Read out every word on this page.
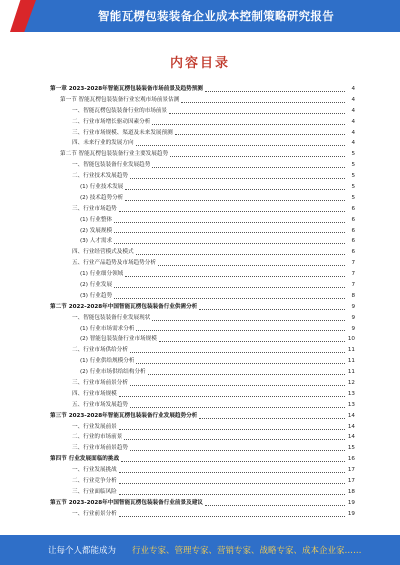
智能瓦楞包装装备企业成本控制策略研究报告
内容目录
第一章 2023-2028年智能瓦楞包装装备市场前景及趋势预测	4
第一节 智能瓦楞包装装备行业宏观市场前景估测	4
一、智能瓦楞包装装备行业的市场前景	4
二、行业市场增长驱动因素分析	4
三、行业市场规模、渠道及未来发展预测	4
四、未来行业的发展方向	4
第二节 智能瓦楞包装装备行业主要发展趋势	5
一、智能包装装备行业发展趋势	5
二、行业技术发展趋势	5
(1) 行业技术发展	5
(2) 技术趋势分析	5
三、行业市场趋势	6
(1) 行业整体	6
(2) 发展规模	6
(3) 人才需求	6
四、行业经营模式及模式	6
五、行业产品趋势及市场趋势分析	7
(1) 行业细分领域	7
(2) 行业发展	7
(3) 行业趋势	8
第二节 2022-2028年中国智能瓦楞包装装备行业供需分析	9
一、智能包装装备行业发展现状	9
(1) 行业市场需求分析	9
(2) 智能包装装备行业市场规模	10
二、行业市场供给分析	11
(1) 行业供给规模分析	11
(2) 行业市场供给结构分析	11
三、行业市场前景分析	12
四、行业市场规模	13
五、行业市场发展趋势	13
第三节 2023-2028年智能瓦楞包装装备行业发展趋势分析	14
一、行业发展前景	14
二、行业的市场前景	14
三、行业市场前景趋势	15
第四节 行业发展面临的挑战	16
一、行业发展挑战	17
二、行业竞争分析	17
三、行业面临风险	18
第五节 2023-2028年中国智能瓦楞包装装备行业前景及建议	19
一、行业前景分析	19
让每个人都能成为 行业专家、管理专家、营销专家、战略专家、成本企业家……
